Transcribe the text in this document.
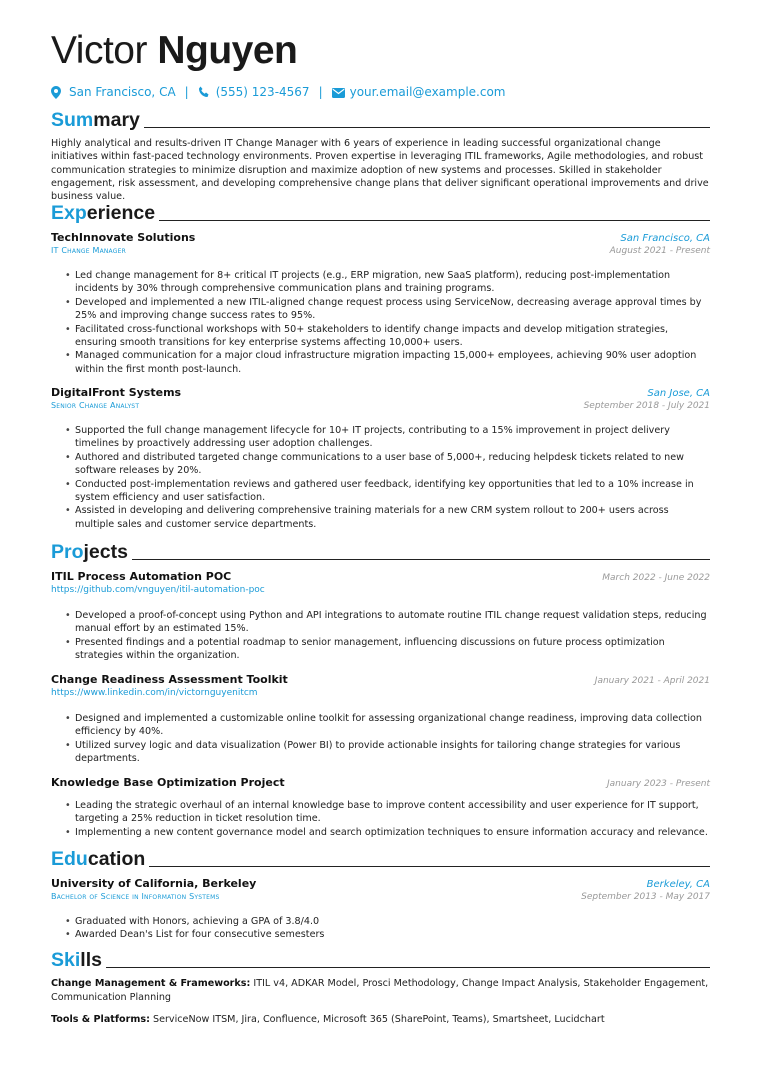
Victor Nguyen
San Francisco, CA | (555) 123-4567 | your.email@example.com
Summary
Highly analytical and results-driven IT Change Manager with 6 years of experience in leading successful organizational change initiatives within fast-paced technology environments. Proven expertise in leveraging ITIL frameworks, Agile methodologies, and robust communication strategies to minimize disruption and maximize adoption of new systems and processes. Skilled in stakeholder engagement, risk assessment, and developing comprehensive change plans that deliver significant operational improvements and drive business value.
Experience
TechInnovate Solutions	San Francisco, CA
IT Change Manager	August 2021 - Present
• Led change management for 8+ critical IT projects (e.g., ERP migration, new SaaS platform), reducing post-implementation incidents by 30% through comprehensive communication plans and training programs.
• Developed and implemented a new ITIL-aligned change request process using ServiceNow, decreasing average approval times by 25% and improving change success rates to 95%.
• Facilitated cross-functional workshops with 50+ stakeholders to identify change impacts and develop mitigation strategies, ensuring smooth transitions for key enterprise systems affecting 10,000+ users.
• Managed communication for a major cloud infrastructure migration impacting 15,000+ employees, achieving 90% user adoption within the first month post-launch.
DigitalFront Systems	San Jose, CA
Senior Change Analyst	September 2018 - July 2021
• Supported the full change management lifecycle for 10+ IT projects, contributing to a 15% improvement in project delivery timelines by proactively addressing user adoption challenges.
• Authored and distributed targeted change communications to a user base of 5,000+, reducing helpdesk tickets related to new software releases by 20%.
• Conducted post-implementation reviews and gathered user feedback, identifying key opportunities that led to a 10% increase in system efficiency and user satisfaction.
• Assisted in developing and delivering comprehensive training materials for a new CRM system rollout to 200+ users across multiple sales and customer service departments.
Projects
ITIL Process Automation POC	March 2022 - June 2022
https://github.com/vnguyen/itil-automation-poc
• Developed a proof-of-concept using Python and API integrations to automate routine ITIL change request validation steps, reducing manual effort by an estimated 15%.
• Presented findings and a potential roadmap to senior management, influencing discussions on future process optimization strategies within the organization.
Change Readiness Assessment Toolkit	January 2021 - April 2021
https://www.linkedin.com/in/victornguyenitcm
• Designed and implemented a customizable online toolkit for assessing organizational change readiness, improving data collection efficiency by 40%.
• Utilized survey logic and data visualization (Power BI) to provide actionable insights for tailoring change strategies for various departments.
Knowledge Base Optimization Project	January 2023 - Present
• Leading the strategic overhaul of an internal knowledge base to improve content accessibility and user experience for IT support, targeting a 25% reduction in ticket resolution time.
• Implementing a new content governance model and search optimization techniques to ensure information accuracy and relevance.
Education
University of California, Berkeley	Berkeley, CA
Bachelor of Science in Information Systems	September 2013 - May 2017
• Graduated with Honors, achieving a GPA of 3.8/4.0
• Awarded Dean's List for four consecutive semesters
Skills
Change Management & Frameworks: ITIL v4, ADKAR Model, Prosci Methodology, Change Impact Analysis, Stakeholder Engagement, Communication Planning
Tools & Platforms: ServiceNow ITSM, Jira, Confluence, Microsoft 365 (SharePoint, Teams), Smartsheet, Lucidchart
